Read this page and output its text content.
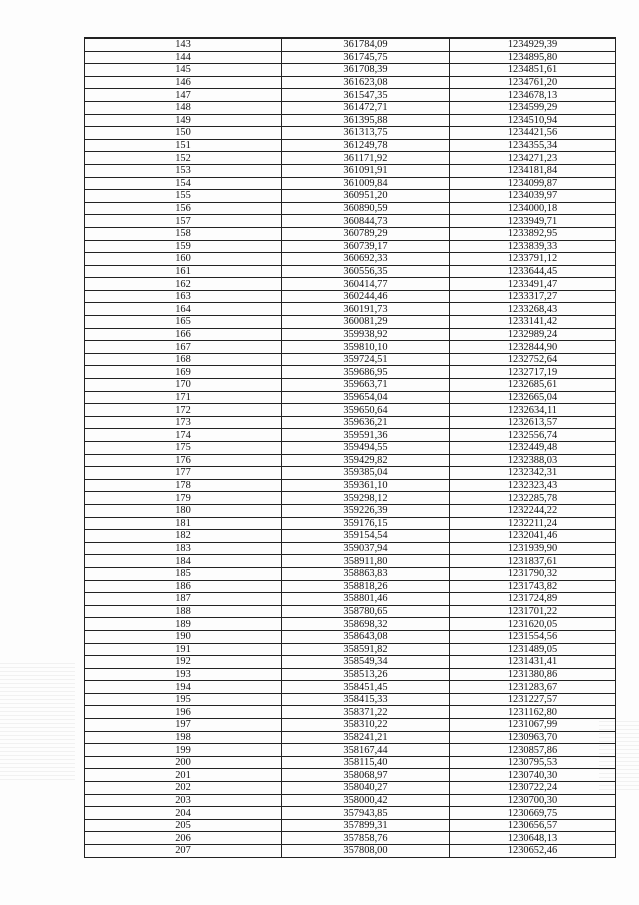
143	361784,09	1234929,39
144	361745,75	1234895,80
145	361708,39	1234851,61
146	361623,08	1234761,20
147	361547,35	1234678,13
148	361472,71	1234599,29
149	361395,88	1234510,94
150	361313,75	1234421,56
151	361249,78	1234355,34
152	361171,92	1234271,23
153	361091,91	1234181,84
154	361009,84	1234099,87
155	360951,20	1234039,97
156	360890,59	1234000,18
157	360844,73	1233949,71
158	360789,29	1233892,95
159	360739,17	1233839,33
160	360692,33	1233791,12
161	360556,35	1233644,45
162	360414,77	1233491,47
163	360244,46	1233317,27
164	360191,73	1233268,43
165	360081,29	1233141,42
166	359938,92	1232989,24
167	359810,10	1232844,90
168	359724,51	1232752,64
169	359686,95	1232717,19
170	359663,71	1232685,61
171	359654,04	1232665,04
172	359650,64	1232634,11
173	359636,21	1232613,57
174	359591,36	1232556,74
175	359494,55	1232449,48
176	359429,82	1232388,03
177	359385,04	1232342,31
178	359361,10	1232323,43
179	359298,12	1232285,78
180	359226,39	1232244,22
181	359176,15	1232211,24
182	359154,54	1232041,46
183	359037,94	1231939,90
184	358911,80	1231837,61
185	358863,83	1231790,32
186	358818,26	1231743,82
187	358801,46	1231724,89
188	358780,65	1231701,22
189	358698,32	1231620,05
190	358643,08	1231554,56
191	358591,82	1231489,05
192	358549,34	1231431,41
193	358513,26	1231380,86
194	358451,45	1231283,67
195	358415,33	1231227,57
196	358371,22	1231162,80
197	358310,22	1231067,99
198	358241,21	1230963,70
199	358167,44	1230857,86
200	358115,40	1230795,53
201	358068,97	1230740,30
202	358040,27	1230722,24
203	358000,42	1230700,30
204	357943,85	1230669,75
205	357899,31	1230656,57
206	357858,76	1230648,13
207	357808,00	1230652,46
